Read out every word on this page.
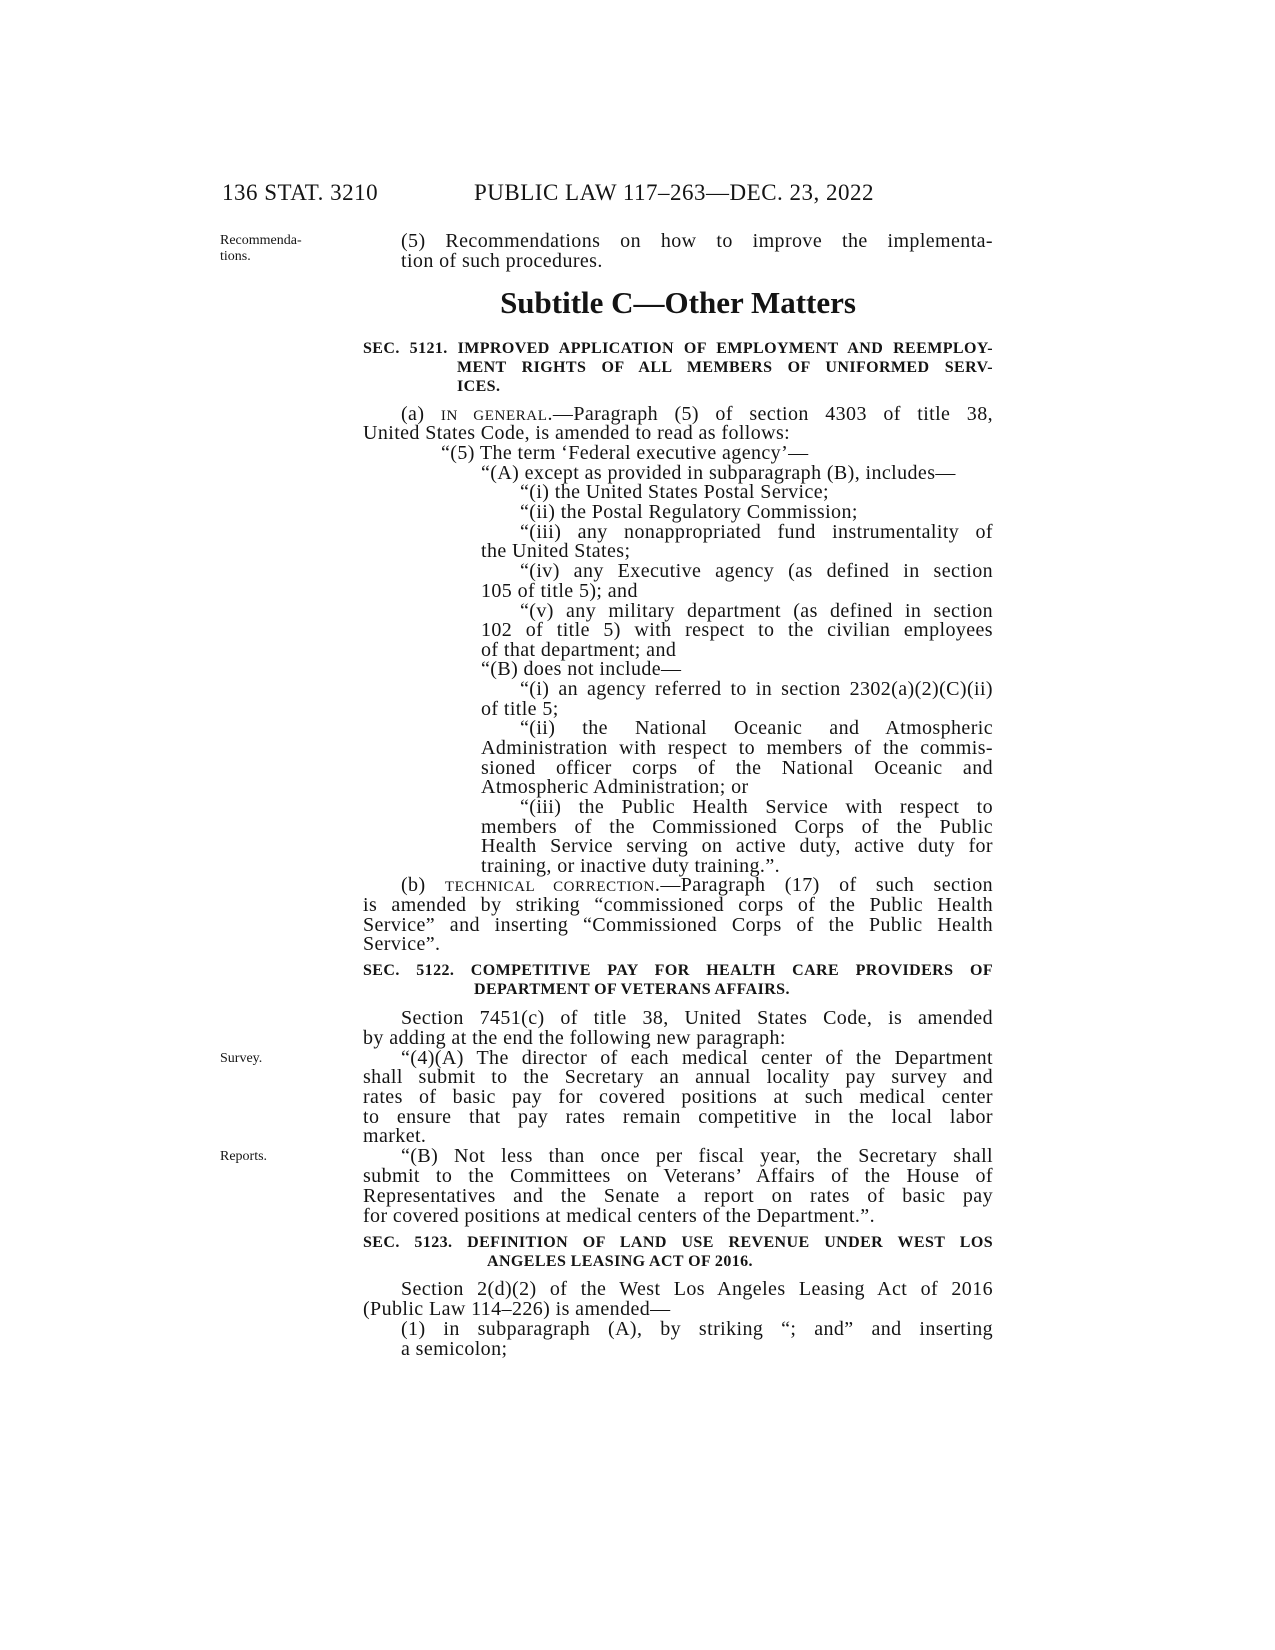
136 STAT. 3210	PUBLIC LAW 117–263—DEC. 23, 2022
Recommenda-
tions.
Survey.
Reports.
(5) Recommendations on how to improve the implementa-
tion of such procedures.
Subtitle C—Other Matters
SEC. 5121. IMPROVED APPLICATION OF EMPLOYMENT AND REEMPLOY-
MENT RIGHTS OF ALL MEMBERS OF UNIFORMED SERV-
ICES.
(a) IN GENERAL.—Paragraph (5) of section 4303 of title 38,
United States Code, is amended to read as follows:
“(5) The term ‘Federal executive agency’—
“(A) except as provided in subparagraph (B), includes—
“(i) the United States Postal Service;
“(ii) the Postal Regulatory Commission;
“(iii) any nonappropriated fund instrumentality of
the United States;
“(iv) any Executive agency (as defined in section
105 of title 5); and
“(v) any military department (as defined in section
102 of title 5) with respect to the civilian employees
of that department; and
“(B) does not include—
“(i) an agency referred to in section 2302(a)(2)(C)(ii)
of title 5;
“(ii) the National Oceanic and Atmospheric
Administration with respect to members of the commis-
sioned officer corps of the National Oceanic and
Atmospheric Administration; or
“(iii) the Public Health Service with respect to
members of the Commissioned Corps of the Public
Health Service serving on active duty, active duty for
training, or inactive duty training.”.
(b) TECHNICAL CORRECTION.—Paragraph (17) of such section
is amended by striking “commissioned corps of the Public Health
Service” and inserting “Commissioned Corps of the Public Health
Service”.
SEC. 5122. COMPETITIVE PAY FOR HEALTH CARE PROVIDERS OF
DEPARTMENT OF VETERANS AFFAIRS.
Section 7451(c) of title 38, United States Code, is amended
by adding at the end the following new paragraph:
“(4)(A) The director of each medical center of the Department
shall submit to the Secretary an annual locality pay survey and
rates of basic pay for covered positions at such medical center
to ensure that pay rates remain competitive in the local labor
market.
“(B) Not less than once per fiscal year, the Secretary shall
submit to the Committees on Veterans’ Affairs of the House of
Representatives and the Senate a report on rates of basic pay
for covered positions at medical centers of the Department.”.
SEC. 5123. DEFINITION OF LAND USE REVENUE UNDER WEST LOS
ANGELES LEASING ACT OF 2016.
Section 2(d)(2) of the West Los Angeles Leasing Act of 2016
(Public Law 114–226) is amended—
(1) in subparagraph (A), by striking “; and” and inserting
a semicolon;
